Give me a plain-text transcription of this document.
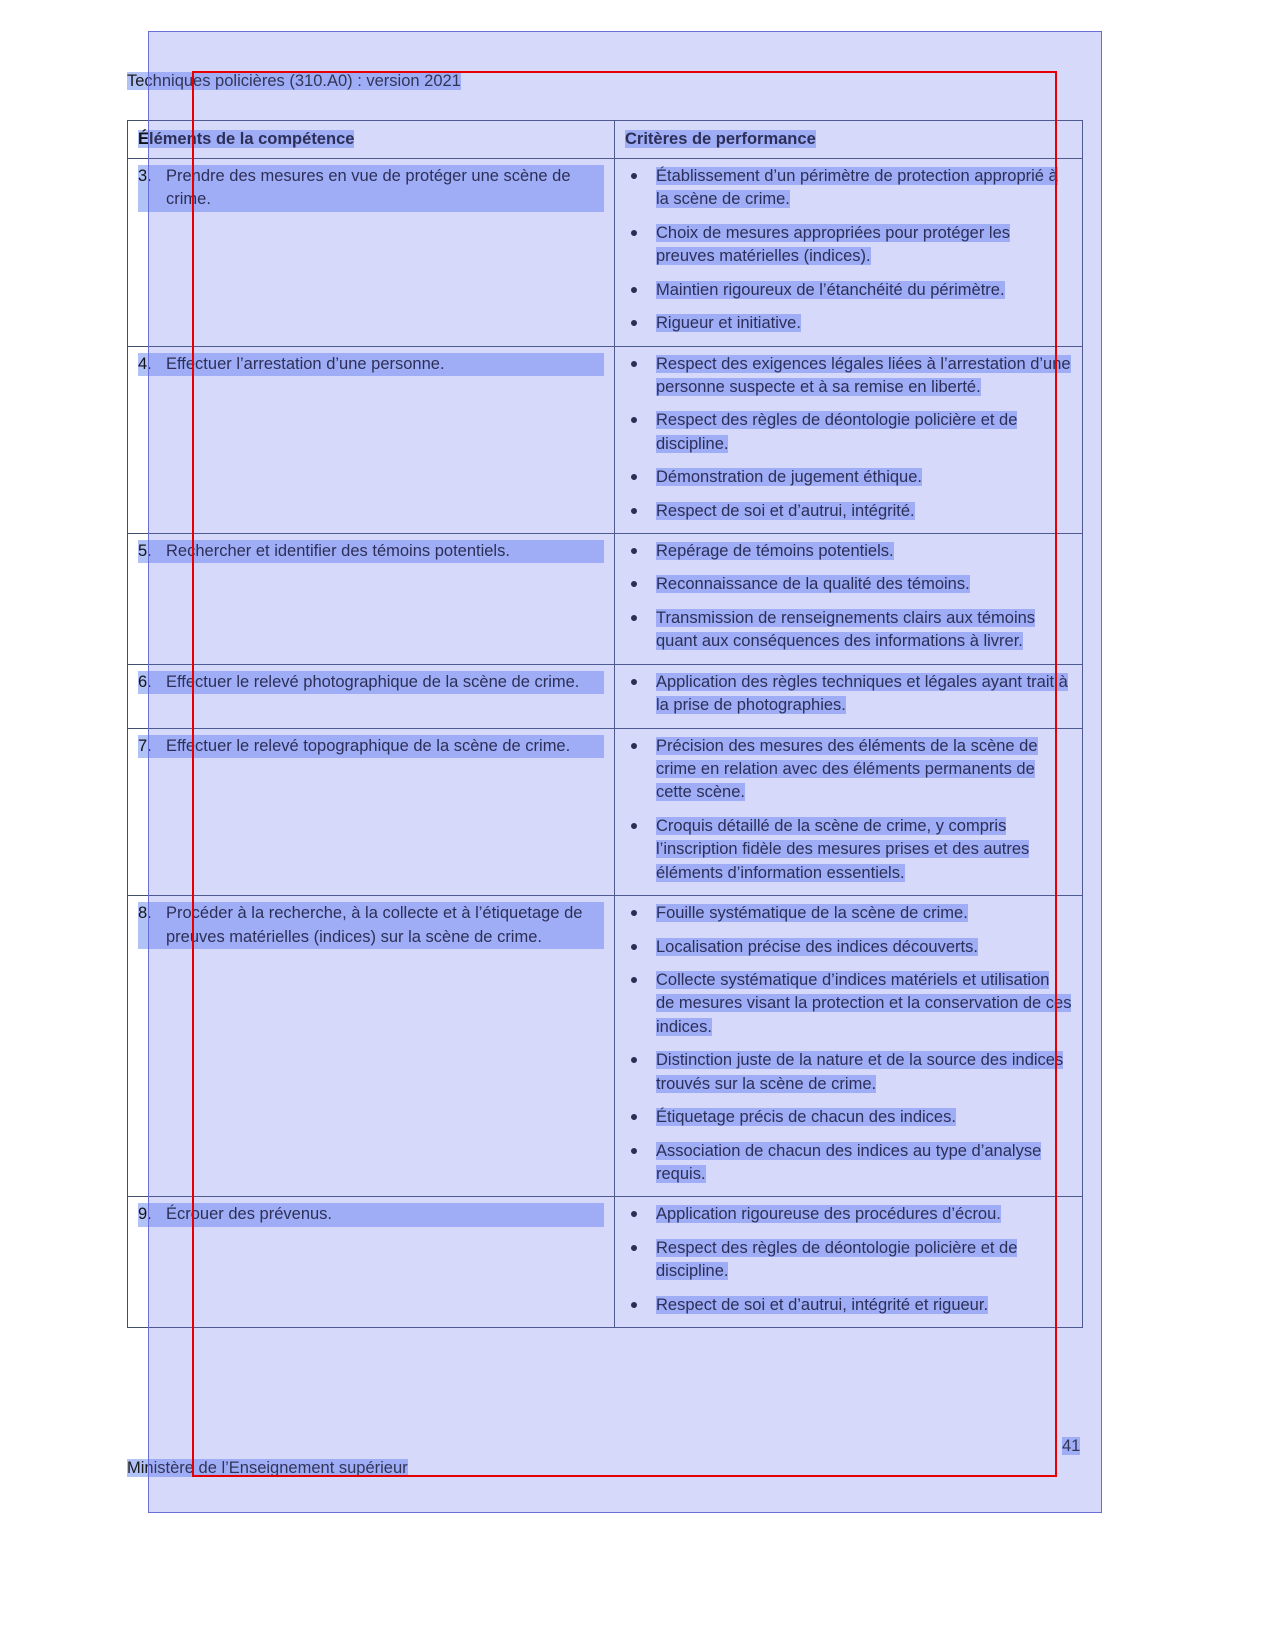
Techniques policières (310.A0) : version 2021
Éléments de la compétence	Critères de performance

3. Prendre des mesures en vue de protéger une scène de crime.

Établissement d’un périmètre de protection approprié à la scène de crime.
Choix de mesures appropriées pour protéger les preuves matérielles (indices).
Maintien rigoureux de l’étanchéité du périmètre.
Rigueur et initiative.

4. Effectuer l’arrestation d’une personne.	Respect des exigences légales liées à l’arrestation d’une personne suspecte et à sa remise en liberté.
Respect des règles de déontologie policière et de discipline.
Démonstration de jugement éthique.
Respect de soi et d’autrui, intégrité.

5. Rechercher et identifier des témoins potentiels.	Repérage de témoins potentiels.
Reconnaissance de la qualité des témoins.
Transmission de renseignements clairs aux témoins quant aux conséquences des informations à livrer.

6. Effectuer le relevé photographique de la scène de crime.	Application des règles techniques et légales ayant trait à la prise de photographies.

7. Effectuer le relevé topographique de la scène de crime.	Précision des mesures des éléments de la scène de crime en relation avec des éléments permanents de cette scène.
Croquis détaillé de la scène de crime, y compris l’inscription fidèle des mesures prises et des autres éléments d’information essentiels.

8. Procéder à la recherche, à la collecte et à l’étiquetage de preuves matérielles (indices) sur la scène de crime.

Fouille systématique de la scène de crime.
Localisation précise des indices découverts.
Collecte systématique d’indices matériels et utilisation de mesures visant la protection et la conservation de ces indices.
Distinction juste de la nature et de la source des indices trouvés sur la scène de crime.
Étiquetage précis de chacun des indices.
Association de chacun des indices au type d’analyse requis.

9. Écrouer des prévenus.	Application rigoureuse des procédures d’écrou.
Respect des règles de déontologie policière et de discipline.
Respect de soi et d’autrui, intégrité et rigueur.
41
Ministère de l’Enseignement supérieur
